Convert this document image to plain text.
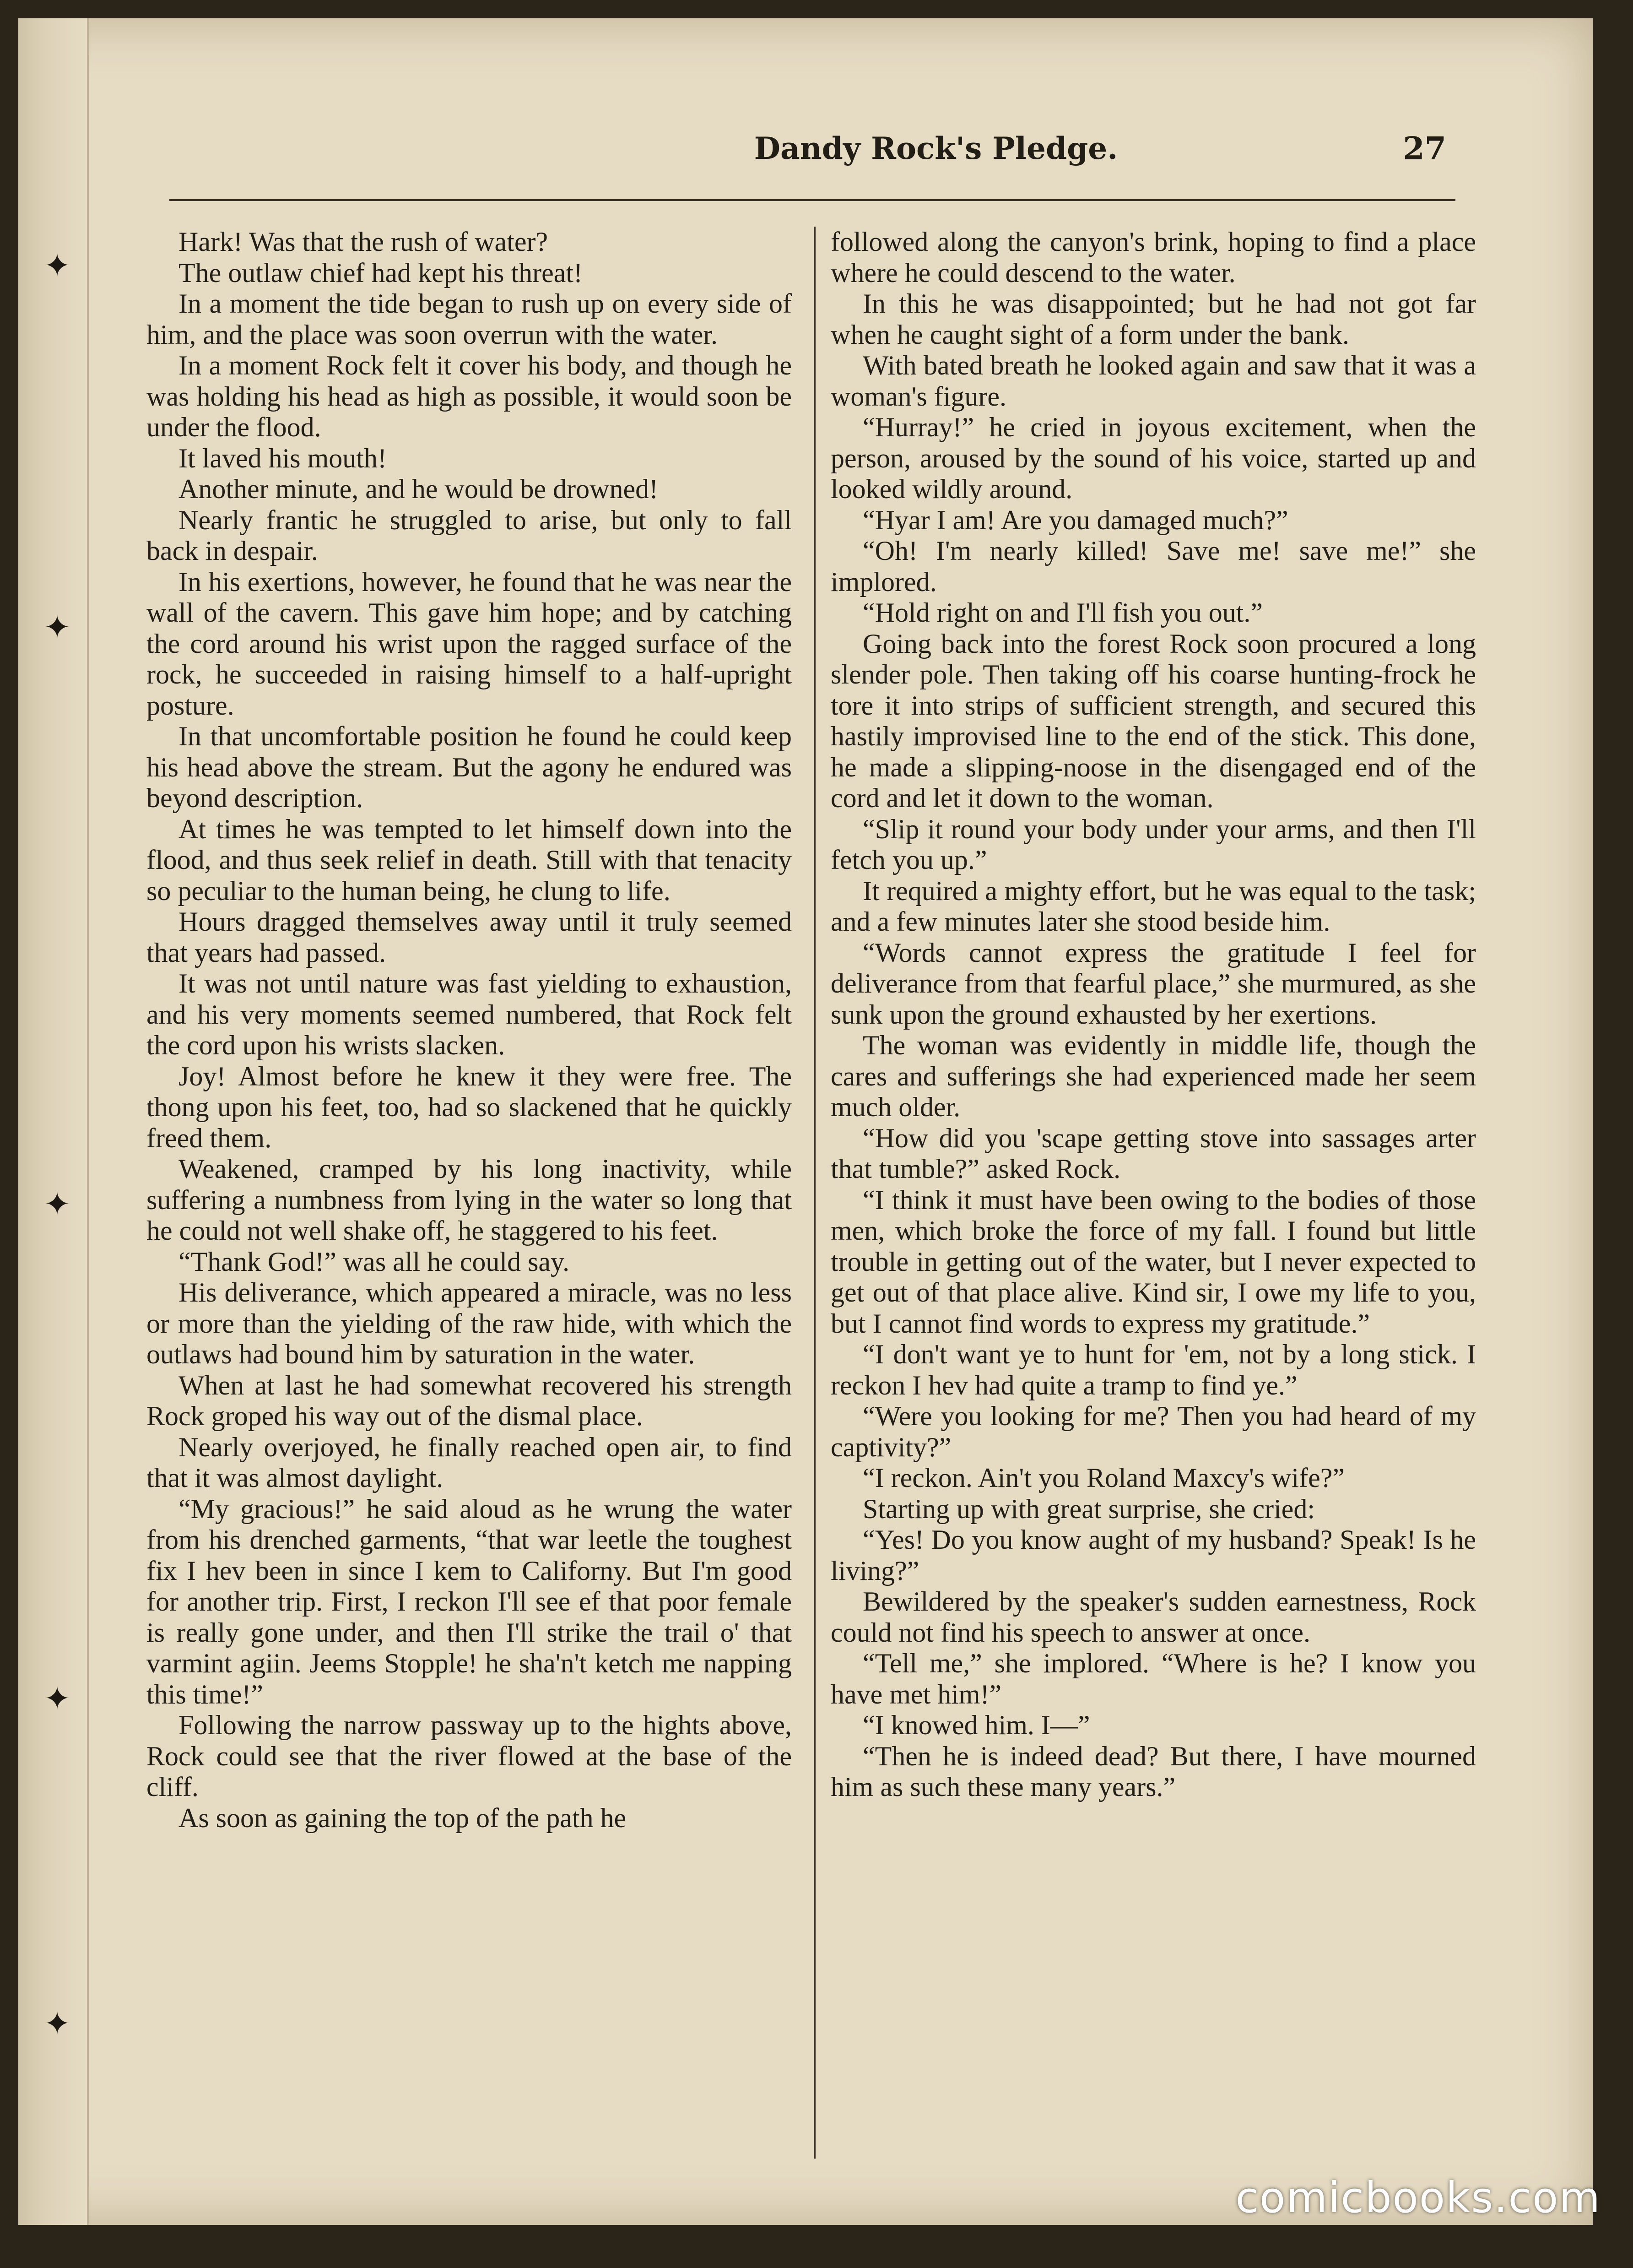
✦
✦
✦
✦
✦
Dandy Rock's Pledge.	27

Hark! Was that the rush of water?

The outlaw chief had kept his threat!

In a moment the tide began to rush up on every side of him, and the place was soon overrun with the water.

In a moment Rock felt it cover his body, and though he was holding his head as high as possible, it would soon be under the flood.

It laved his mouth!

Another minute, and he would be drowned!

Nearly frantic he struggled to arise, but only to fall back in despair.

In his exertions, however, he found that he was near the wall of the cavern. This gave him hope; and by catching the cord around his wrist upon the ragged surface of the rock, he succeeded in raising himself to a half-upright posture.

In that uncomfortable position he found he could keep his head above the stream. But the agony he endured was beyond description.

At times he was tempted to let himself down into the flood, and thus seek relief in death. Still with that tenacity so peculiar to the human being, he clung to life.

Hours dragged themselves away until it truly seemed that years had passed.

It was not until nature was fast yielding to exhaustion, and his very moments seemed numbered, that Rock felt the cord upon his wrists slacken.

Joy! Almost before he knew it they were free. The thong upon his feet, too, had so slackened that he quickly freed them.

Weakened, cramped by his long inactivity, while suffering a numbness from lying in the water so long that he could not well shake off, he staggered to his feet.

“Thank God!” was all he could say.

His deliverance, which appeared a miracle, was no less or more than the yielding of the raw hide, with which the outlaws had bound him by saturation in the water.

When at last he had somewhat recovered his strength Rock groped his way out of the dismal place.

Nearly overjoyed, he finally reached open air, to find that it was almost daylight.

“My gracious!” he said aloud as he wrung the water from his drenched garments, “that war leetle the toughest fix I hev been in since I kem to Californy. But I'm good for another trip. First, I reckon I'll see ef that poor female is really gone under, and then I'll strike the trail o' that varmint agiin. Jeems Stopple! he sha'n't ketch me napping this time!”

Following the narrow passway up to the hights above, Rock could see that the river flowed at the base of the cliff.

As soon as gaining the top of the path he

followed along the canyon's brink, hoping to find a place where he could descend to the water.

In this he was disappointed; but he had not got far when he caught sight of a form under the bank.

With bated breath he looked again and saw that it was a woman's figure.

“Hurray!” he cried in joyous excitement, when the person, aroused by the sound of his voice, started up and looked wildly around.

“Hyar I am! Are you damaged much?”

“Oh! I'm nearly killed! Save me! save me!” she implored.

“Hold right on and I'll fish you out.”

Going back into the forest Rock soon procured a long slender pole. Then taking off his coarse hunting-frock he tore it into strips of sufficient strength, and secured this hastily improvised line to the end of the stick. This done, he made a slipping-noose in the disengaged end of the cord and let it down to the woman.

“Slip it round your body under your arms, and then I'll fetch you up.”

It required a mighty effort, but he was equal to the task; and a few minutes later she stood beside him.

“Words cannot express the gratitude I feel for deliverance from that fearful place,” she murmured, as she sunk upon the ground exhausted by her exertions.

The woman was evidently in middle life, though the cares and sufferings she had experienced made her seem much older.

“How did you 'scape getting stove into sassages arter that tumble?” asked Rock.

“I think it must have been owing to the bodies of those men, which broke the force of my fall. I found but little trouble in getting out of the water, but I never expected to get out of that place alive. Kind sir, I owe my life to you, but I cannot find words to express my gratitude.”

“I don't want ye to hunt for 'em, not by a long stick. I reckon I hev had quite a tramp to find ye.”

“Were you looking for me? Then you had heard of my captivity?”

“I reckon. Ain't you Roland Maxcy's wife?”

Starting up with great surprise, she cried:

“Yes! Do you know aught of my husband? Speak! Is he living?”

Bewildered by the speaker's sudden earnestness, Rock could not find his speech to answer at once.

“Tell me,” she implored. “Where is he? I know you have met him!”

“I knowed him. I—”

“Then he is indeed dead? But there, I have mourned him as such these many years.”

comicbooks.com
